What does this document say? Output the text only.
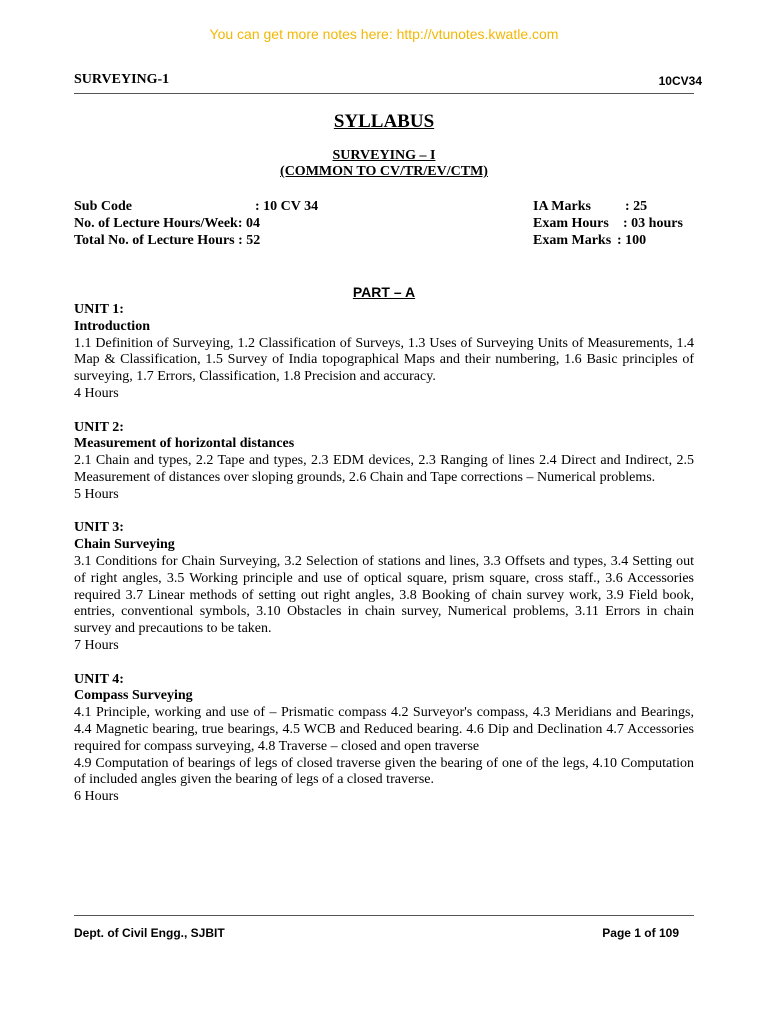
You can get more notes here: http://vtunotes.kwatle.com
SURVEYING-1	10CV34
SYLLABUS
SURVEYING – I
(COMMON TO CV/TR/EV/CTM)
Sub Code	: 10 CV 34
No. of Lecture Hours/Week: 04
Total No. of Lecture Hours : 52
IA Marks : 25
Exam Hours : 03 hours
Exam Marks : 100
PART – A
UNIT 1:
Introduction
1.1 Definition of Surveying, 1.2 Classification of Surveys, 1.3 Uses of Surveying Units of Measurements, 1.4 Map & Classification, 1.5 Survey of India topographical Maps and their numbering, 1.6 Basic principles of surveying, 1.7 Errors, Classification, 1.8 Precision and accuracy.
4 Hours
UNIT 2:
Measurement of horizontal distances
2.1 Chain and types, 2.2 Tape and types, 2.3 EDM devices, 2.3 Ranging of lines 2.4 Direct and Indirect, 2.5 Measurement of distances over sloping grounds, 2.6 Chain and Tape corrections – Numerical problems.
5 Hours
UNIT 3:
Chain Surveying
3.1 Conditions for Chain Surveying, 3.2 Selection of stations and lines, 3.3 Offsets and types, 3.4 Setting out of right angles, 3.5 Working principle and use of optical square, prism square, cross staff., 3.6 Accessories required 3.7 Linear methods of setting out right angles, 3.8 Booking of chain survey work, 3.9 Field book, entries, conventional symbols, 3.10 Obstacles in chain survey, Numerical problems, 3.11 Errors in chain survey and precautions to be taken.
7 Hours
UNIT 4:
Compass Surveying
4.1 Principle, working and use of – Prismatic compass 4.2 Surveyor's compass, 4.3 Meridians and Bearings, 4.4 Magnetic bearing, true bearings, 4.5 WCB and Reduced bearing. 4.6 Dip and Declination 4.7 Accessories required for compass surveying, 4.8 Traverse – closed and open traverse
4.9 Computation of bearings of legs of closed traverse given the bearing of one of the legs, 4.10 Computation of included angles given the bearing of legs of a closed traverse.
6 Hours
Dept. of Civil Engg., SJBIT	Page 1 of 109
